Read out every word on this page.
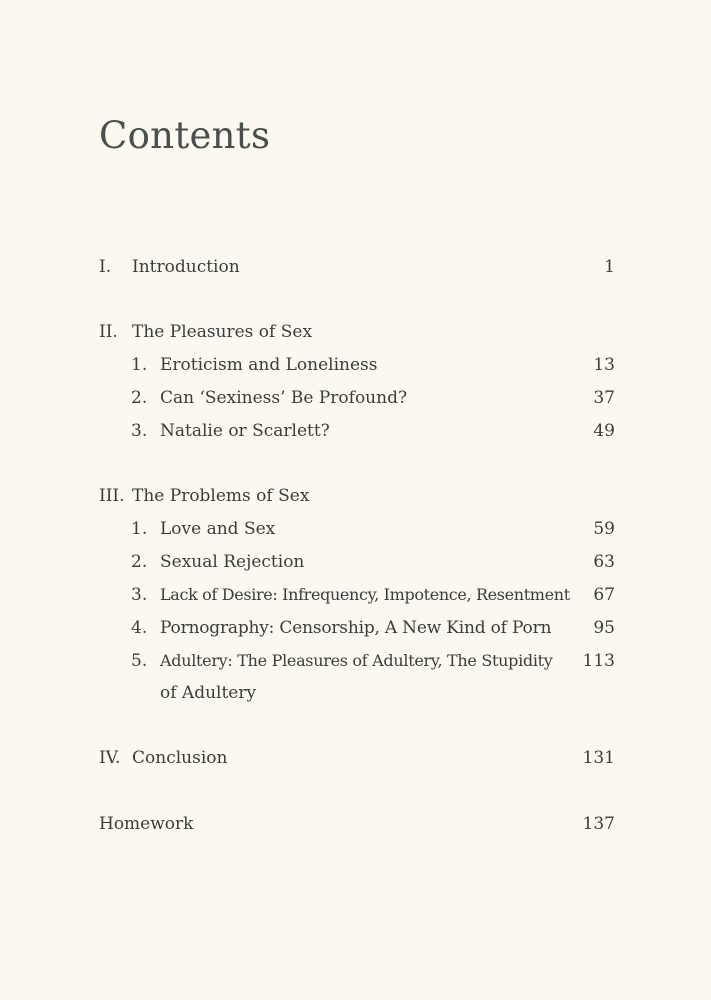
Contents
I. Introduction	1
II. The Pleasures of Sex
1. Eroticism and Loneliness	13
2. Can ‘Sexiness’ Be Profound?	37
3. Natalie or Scarlett?	49
III. The Problems of Sex
1. Love and Sex	59
2. Sexual Rejection	63
3. Lack of Desire: Infrequency, Impotence, Resentment 67
4. Pornography: Censorship, A New Kind of Porn 95
5. Adultery: The Pleasures of Adultery, The Stupidity 113
of Adultery
IV. Conclusion	131
Homework	137
